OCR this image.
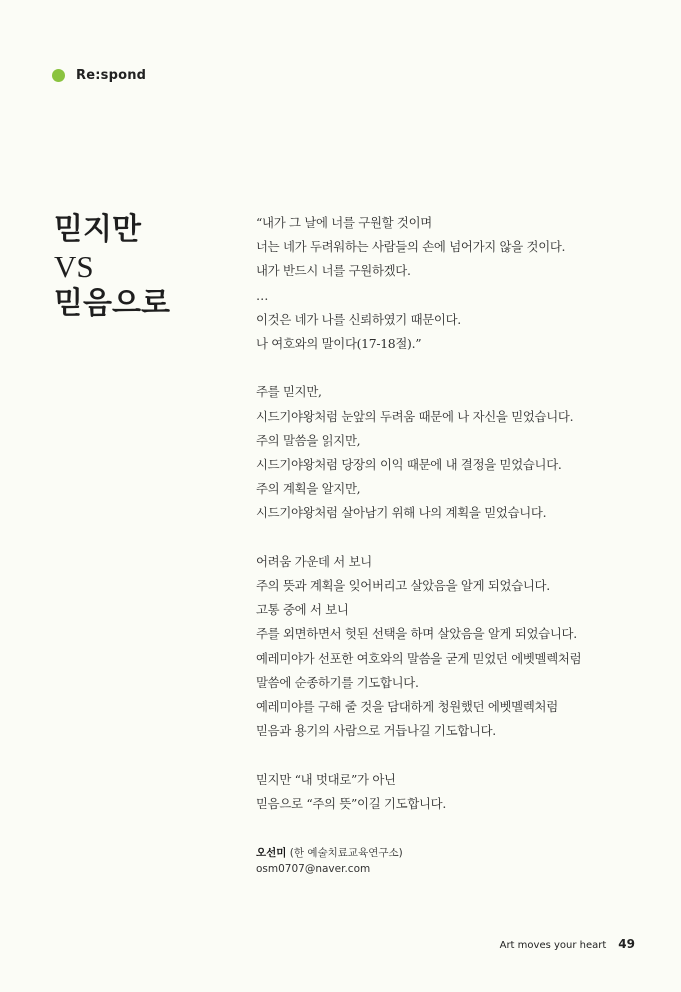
Re:spond
믿지만
VS
믿음으로

“내가 그 날에 너를 구원할 것이며
너는 네가 두려워하는 사람들의 손에 넘어가지 않을 것이다.
내가 반드시 너를 구원하겠다.
…
이것은 네가 나를 신뢰하였기 때문이다.
나 여호와의 말이다(17-18절).”

주를 믿지만,
시드기야왕처럼 눈앞의 두려움 때문에 나 자신을 믿었습니다.
주의 말씀을 읽지만,
시드기야왕처럼 당장의 이익 때문에 내 결정을 믿었습니다.
주의 계획을 알지만,
시드기야왕처럼 살아남기 위해 나의 계획을 믿었습니다.

어려움 가운데 서 보니
주의 뜻과 계획을 잊어버리고 살았음을 알게 되었습니다.
고통 중에 서 보니
주를 외면하면서 헛된 선택을 하며 살았음을 알게 되었습니다.
예레미야가 선포한 여호와의 말씀을 굳게 믿었던 에벳멜렉처럼
말씀에 순종하기를 기도합니다.
예레미야를 구해 줄 것을 담대하게 청원했던 에벳멜렉처럼
믿음과 용기의 사람으로 거듭나길 기도합니다.

믿지만 “내 멋대로”가 아닌
믿음으로 “주의 뜻”이길 기도합니다.

오선미 (한 예술치료교육연구소)
osm0707@naver.com
Art moves your heart 49
